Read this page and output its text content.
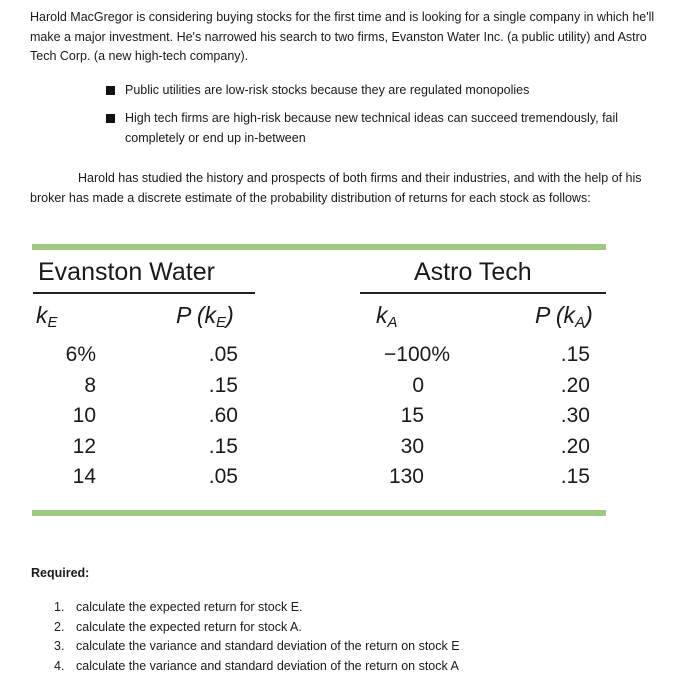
Harold MacGregor is considering buying stocks for the first time and is looking for a single company in which he'll make a major investment. He's narrowed his search to two firms, Evanston Water Inc. (a public utility) and Astro Tech Corp. (a new high-tech company).
Public utilities are low-risk stocks because they are regulated monopolies
High tech firms are high-risk because new technical ideas can succeed tremendously, fail completely or end up in-between
Harold has studied the history and prospects of both firms and their industries, and with the help of his broker has made a discrete estimate of the probability distribution of returns for each stock as follows:
Evanston Water
$k_E$	P $(k_E)$
6%
8
10
12
14
.05
.15
.60
.15
.05
Astro Tech
$k_A$	P $(k_A)$
−100%
0
15
30
130
.15
.20
.30
.20
.15
Required:
1. calculate the expected return for stock E.
2. calculate the expected return for stock A.
3. calculate the variance and standard deviation of the return on stock E
4. calculate the variance and standard deviation of the return on stock A
